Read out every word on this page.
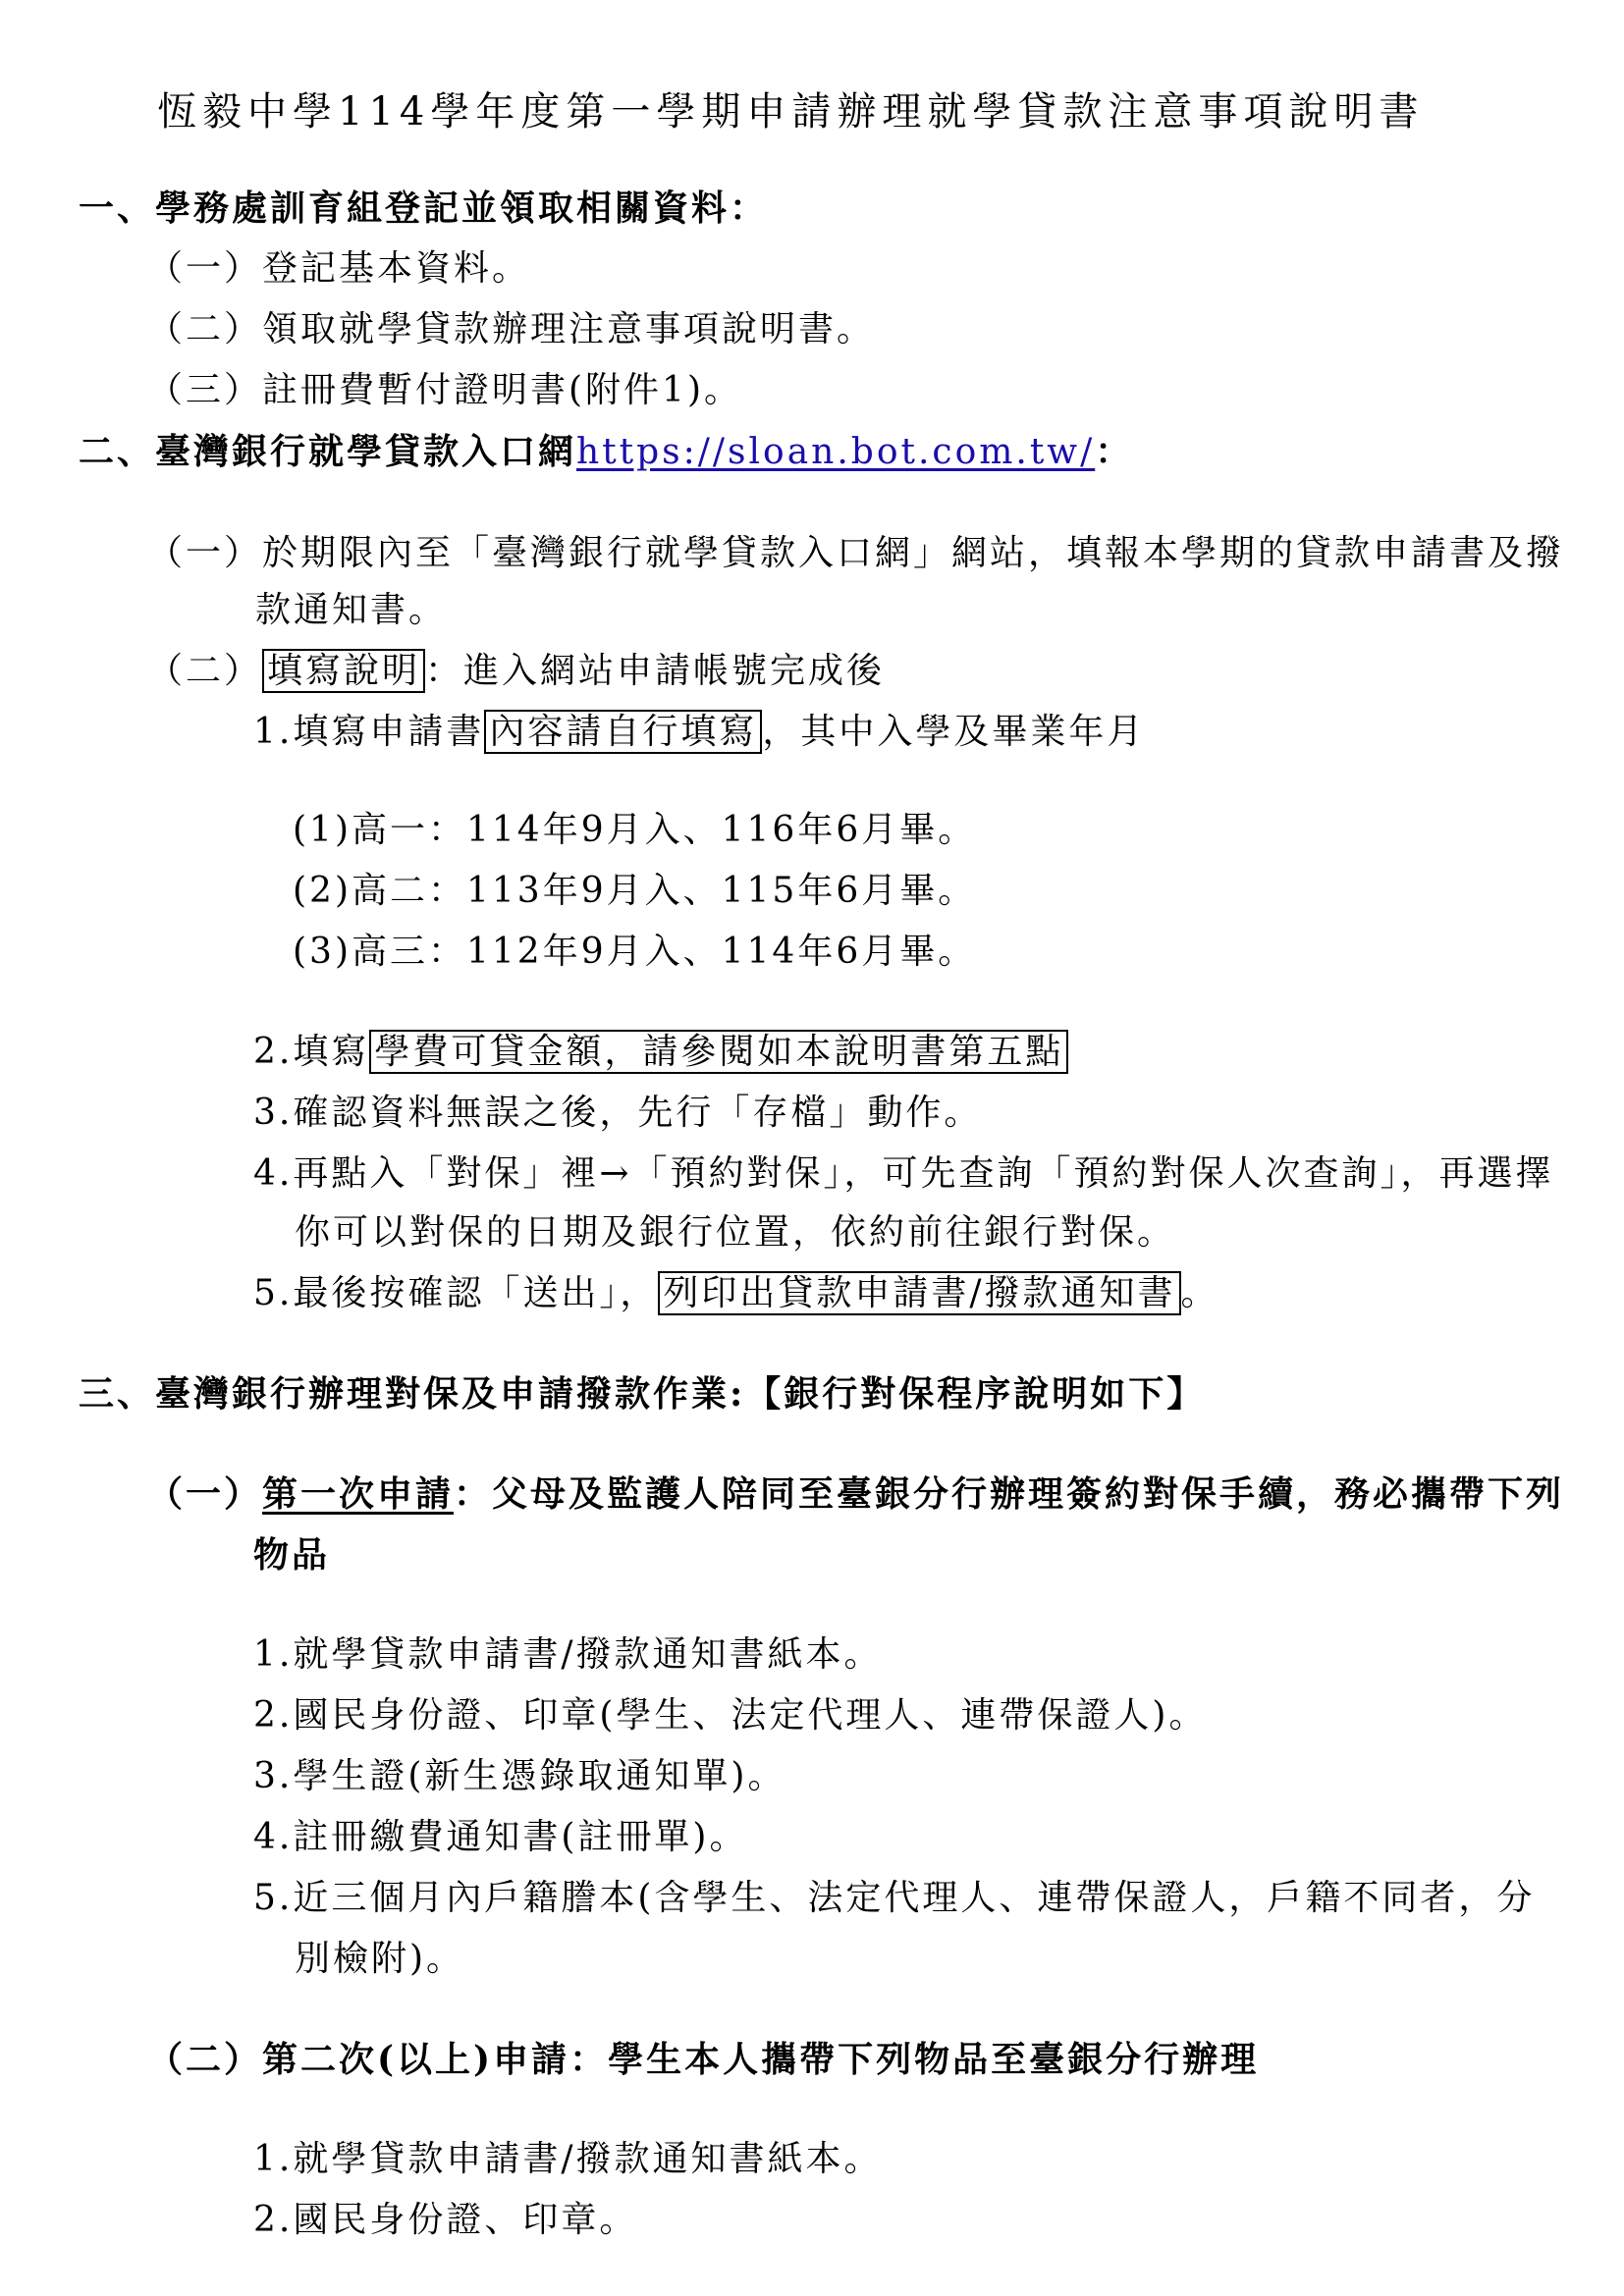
恆毅中學114學年度第一學期申請辦理就學貸款注意事項說明書
一、學務處訓育組登記並領取相關資料：
（一）登記基本資料。
（二）領取就學貸款辦理注意事項說明書。
（三）註冊費暫付證明書(附件1)。
二、臺灣銀行就學貸款入口網https://sloan.bot.com.tw/：
（一）於期限內至「臺灣銀行就學貸款入口網」網站，填報本學期的貸款申請書及撥
款通知書。
（二） 填寫說明 ：進入網站申請帳號完成後
1.填寫申請書 內容請自行填寫 ，其中入學及畢業年月
(1)高一：114年9月入、116年6月畢。
(2)高二：113年9月入、115年6月畢。
(3)高三：112年9月入、114年6月畢。
2.填寫 學費可貸金額，請參閱如本說明書第五點
3.確認資料無誤之後，先行「存檔」動作。
4.再點入「對保」裡→「預約對保」，可先查詢「預約對保人次查詢」，再選擇
你可以對保的日期及銀行位置，依約前往銀行對保。
5.最後按確認「送出」， 列印出貸款申請書/撥款通知書 。
三、臺灣銀行辦理對保及申請撥款作業:【銀行對保程序說明如下】
（一）第一次申請：父母及監護人陪同至臺銀分行辦理簽約對保手續，務必攜帶下列
物品
1.就學貸款申請書/撥款通知書紙本。
2.國民身份證、印章(學生、法定代理人、連帶保證人)。
3.學生證(新生憑錄取通知單)。
4.註冊繳費通知書(註冊單)。
5.近三個月內戶籍謄本(含學生、法定代理人、連帶保證人，戶籍不同者，分
別檢附)。
（二）第二次(以上)申請：學生本人攜帶下列物品至臺銀分行辦理
1.就學貸款申請書/撥款通知書紙本。
2.國民身份證、印章。
